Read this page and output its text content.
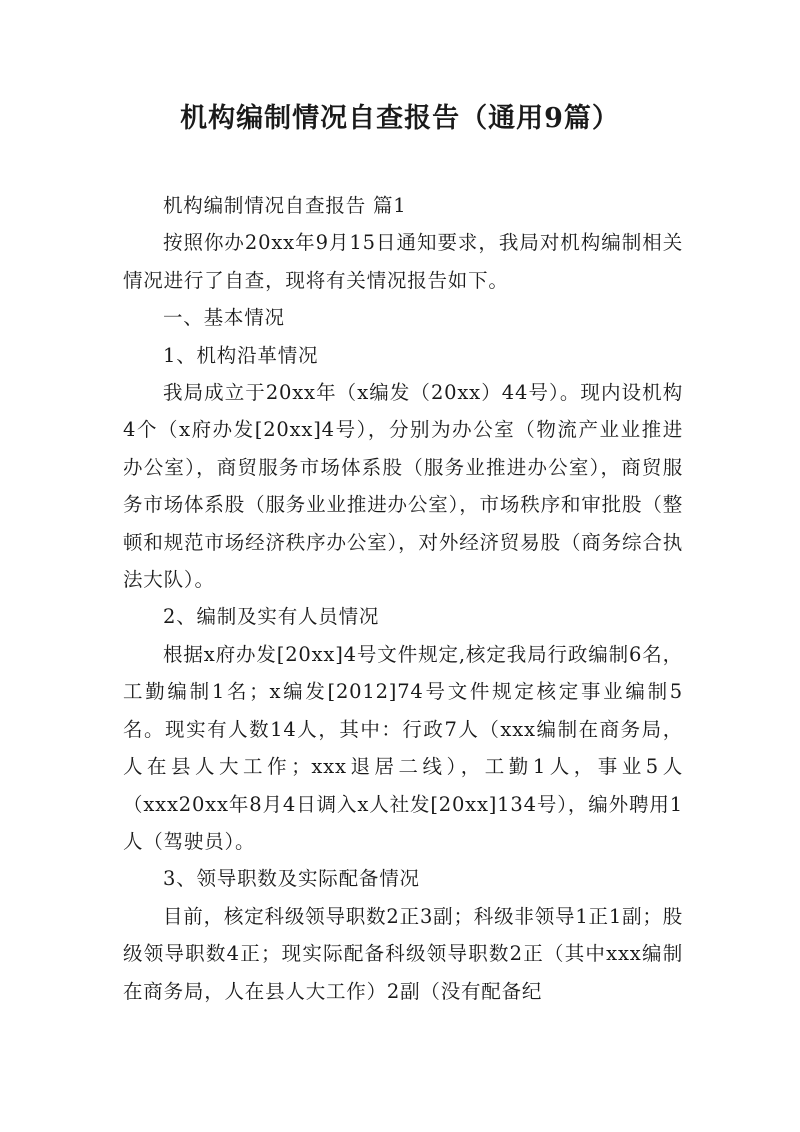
机构编制情况自查报告（通用9篇）

机构编制情况自查报告 篇1

按照你办20xx年9月15日通知要求，我局对机构编制相关情况进行了自查，现将有关情况报告如下。

一、基本情况

1、机构沿革情况

我局成立于20xx年（x编发（20xx）44号）。现内设机构4个（x府办发[20xx]4号），分别为办公室（物流产业业推进办公室），商贸服务市场体系股（服务业推进办公室），商贸服务市场体系股（服务业业推进办公室），市场秩序和审批股（整顿和规范市场经济秩序办公室），对外经济贸易股（商务综合执法大队）。

2、编制及实有人员情况

根据x府办发[20xx]4号文件规定,核定我局行政编制6名，工勤编制1名；x编发[2012]74号文件规定核定事业编制5名。现实有人数14人，其中：行政7人（xxx编制在商务局，人在县人大工作；xxx退居二线），工勤1人，事业5人（xxx20xx年8月4日调入x人社发[20xx]134号），编外聘用1人（驾驶员）。

3、领导职数及实际配备情况

目前，核定科级领导职数2正3副；科级非领导1正1副；股级领导职数4正；现实际配备科级领导职数2正（其中xxx编制在商务局，人在县人大工作）2副（没有配备纪
